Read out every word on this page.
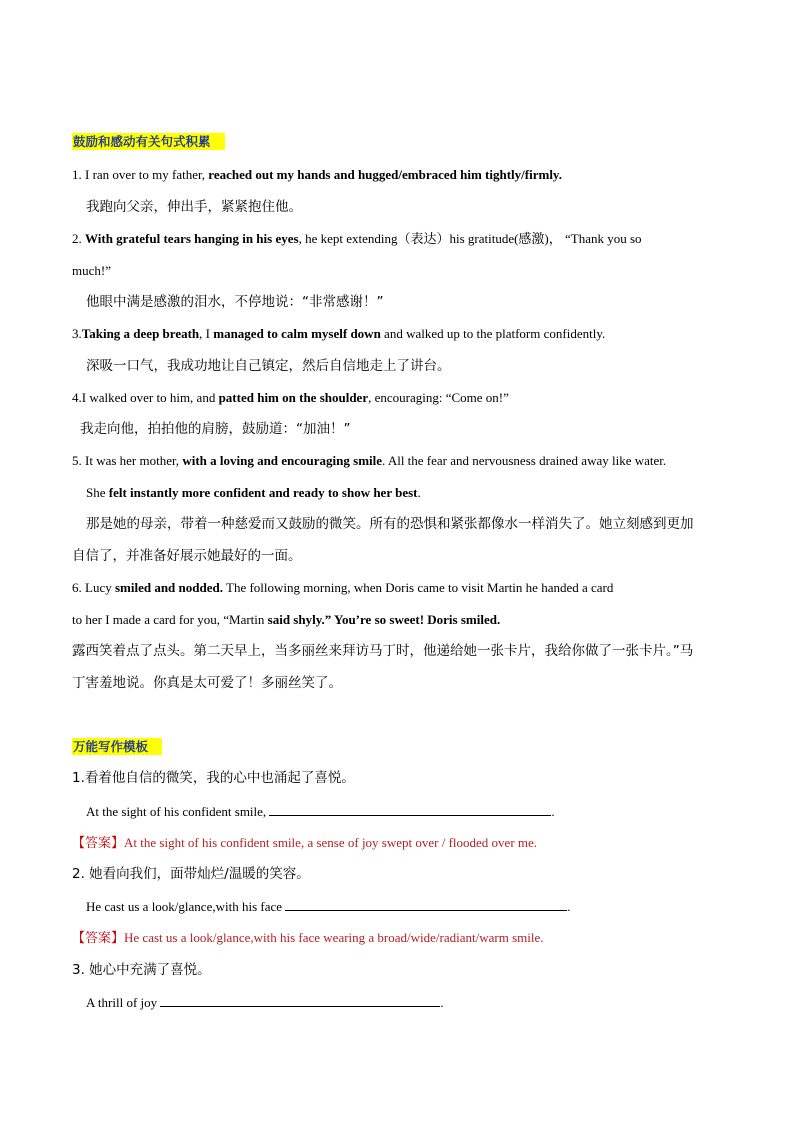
鼓励和感动有关句式积累
1. I ran over to my father, reached out my hands and hugged/embraced him tightly/firmly.
我跑向父亲，伸出手，紧紧抱住他。
2. With grateful tears hanging in his eyes, he kept extending（表达）his gratitude(感激)， “Thank you so
much!”
他眼中满是感激的泪水，不停地说：“非常感谢！”
3.Taking a deep breath, I managed to calm myself down and walked up to the platform confidently.
深吸一口气，我成功地让自己镇定，然后自信地走上了讲台。
4.I walked over to him, and patted him on the shoulder, encouraging: “Come on!”
我走向他，拍拍他的肩膀，鼓励道：“加油！”
5. It was her mother, with a loving and encouraging smile. All the fear and nervousness drained away like water.
She felt instantly more confident and ready to show her best.
那是她的母亲，带着一种慈爱而又鼓励的微笑。所有的恐惧和紧张都像水一样消失了。她立刻感到更加
自信了，并准备好展示她最好的一面。
6. Lucy smiled and nodded. The following morning, when Doris came to visit Martin he handed a card
to her I made a card for you, “Martin said shyly.” You’re so sweet! Doris smiled.
露西笑着点了点头。第二天早上，当多丽丝来拜访马丁时，他递给她一张卡片，我给你做了一张卡片。”马
丁害羞地说。你真是太可爱了！多丽丝笑了。
万能写作模板
1.看着他自信的微笑，我的心中也涌起了喜悦。
At the sight of his confident smile,	.
【答案】At the sight of his confident smile, a sense of joy swept over / flooded over me.
2. 她看向我们，面带灿烂/温暖的笑容。
He cast us a look/glance,with his face	.
【答案】He cast us a look/glance,with his face wearing a broad/wide/radiant/warm smile.
3. 她心中充满了喜悦。
A thrill of joy	.
